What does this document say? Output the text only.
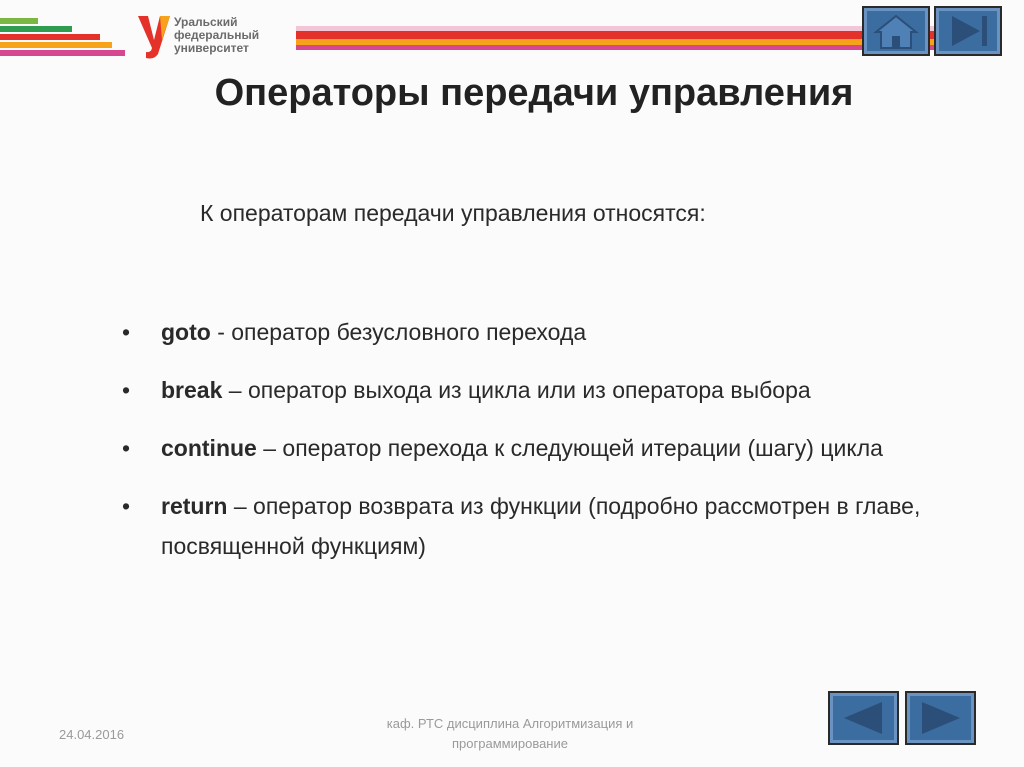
Уральский
федеральный
университет
Операторы передачи управления
К операторам передачи управления относятся:
• goto - оператор безусловного перехода
• break – оператор выхода из цикла или из оператора выбора
• continue – оператор перехода к следующей итерации (шагу) цикла
• return – оператор возврата из функции (подробно рассмотрен в главе, посвященной функциям)
24.04.2016
каф. РТС дисциплина Алгоритмизация и программирование
